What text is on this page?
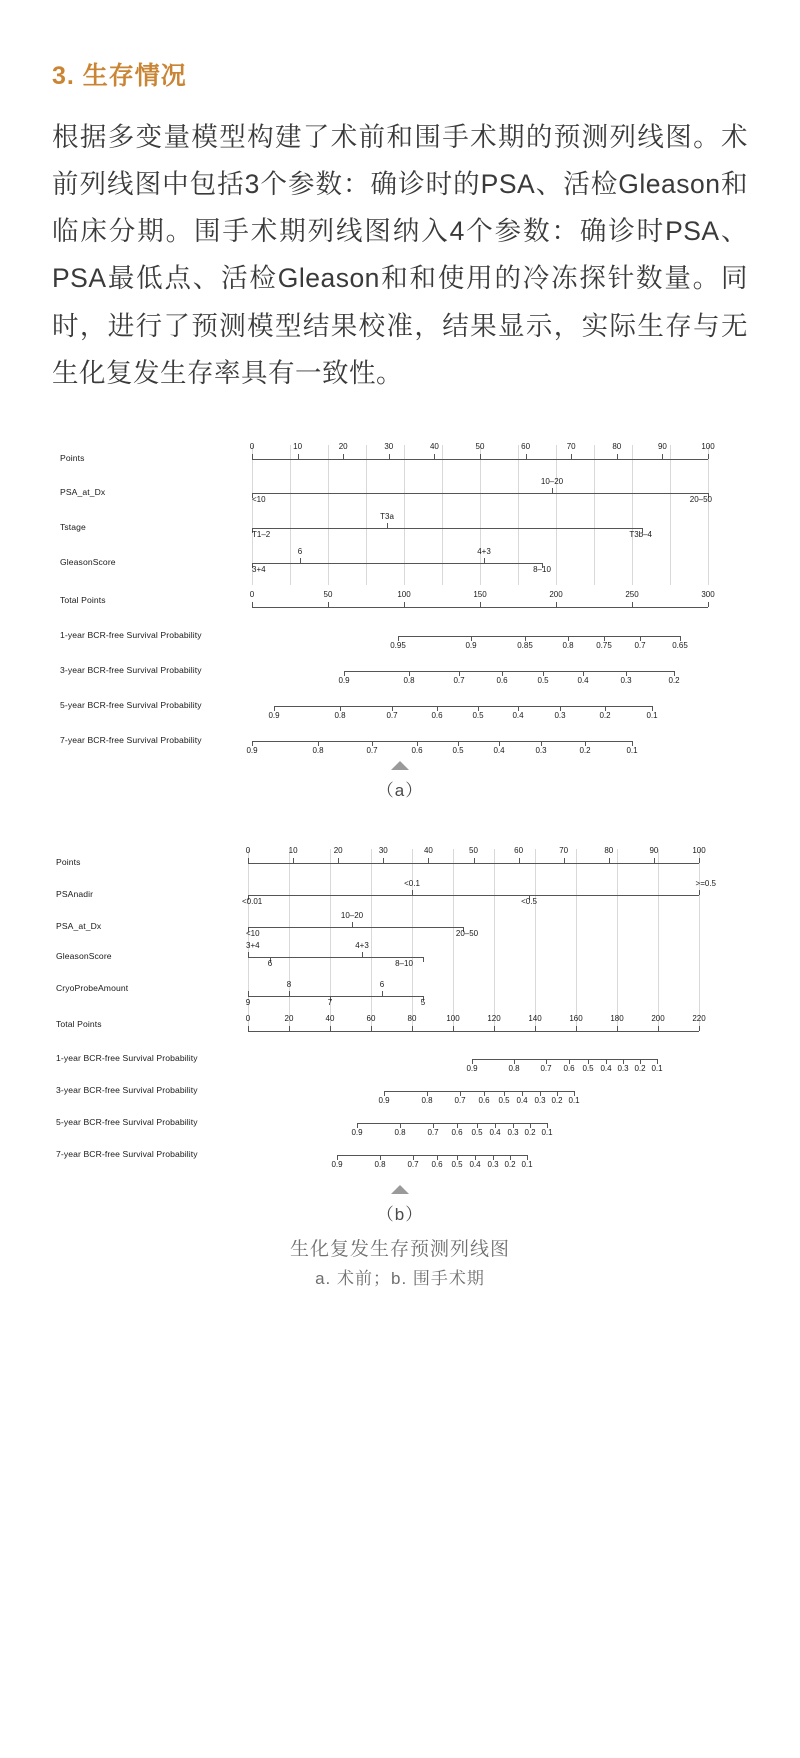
3. 生存情况

根据多变量模型构建了术前和围手术期的预测列线图。术前列线图中包括3个参数：确诊时的PSA、活检Gleason和临床分期。围手术期列线图纳入4个参数：确诊时PSA、PSA最低点、活检Gleason和和使用的冷冻探针数量。同时，进行了预测模型结果校准，结果显示，实际生存与无生化复发生存率具有一致性。

Points
0	10	20	30	40	50	60	70	80	90	100
PSA_at_Dx
<10
10–20
20–50
Tstage
T1–2
T3a
T3b–4
GleasonScore
3+4
6	4+3
8–10
Total Points
0	50	100	150	200	250	300
1-year BCR-free Survival Probability
0.95	0.9	0.85	0.8	0.75	0.7	0.65
3-year BCR-free Survival Probability
0.9	0.8	0.7	0.6	0.5	0.4	0.3	0.2
5-year BCR-free Survival Probability
0.9	0.8	0.7	0.6	0.5	0.4	0.3	0.2	0.1
7-year BCR-free Survival Probability
0.9	0.8	0.7	0.6	0.5	0.4	0.3	0.2	0.1
（a）
Points
0	10	20	30	40	50	60	70	80	90	100
PSAnadir
<0.01
<0.1
<0.5
>=0.5
PSA_at_Dx
<10
10–20
20–50
GleasonScore
3+4
6
4+3
8–10
CryoProbeAmount
9
8
7
6
5
Total Points
0	20	40	60	80	100	120	140	160	180	200	220
1-year BCR-free Survival Probability
0.9	0.8	0.7 0.6 0.5 0.4 0.3 0.2 0.1
3-year BCR-free Survival Probability
0.9	0.8	0.7 0.6 0.5 0.4 0.3 0.2 0.1
5-year BCR-free Survival Probability
0.9	0.8	0.7 0.6 0.5 0.4 0.3 0.2 0.1
7-year BCR-free Survival Probability
0.9	0.8	0.7 0.6 0.5 0.4 0.3 0.2 0.1
（b）
生化复发生存预测列线图
a. 术前；b. 围手术期
